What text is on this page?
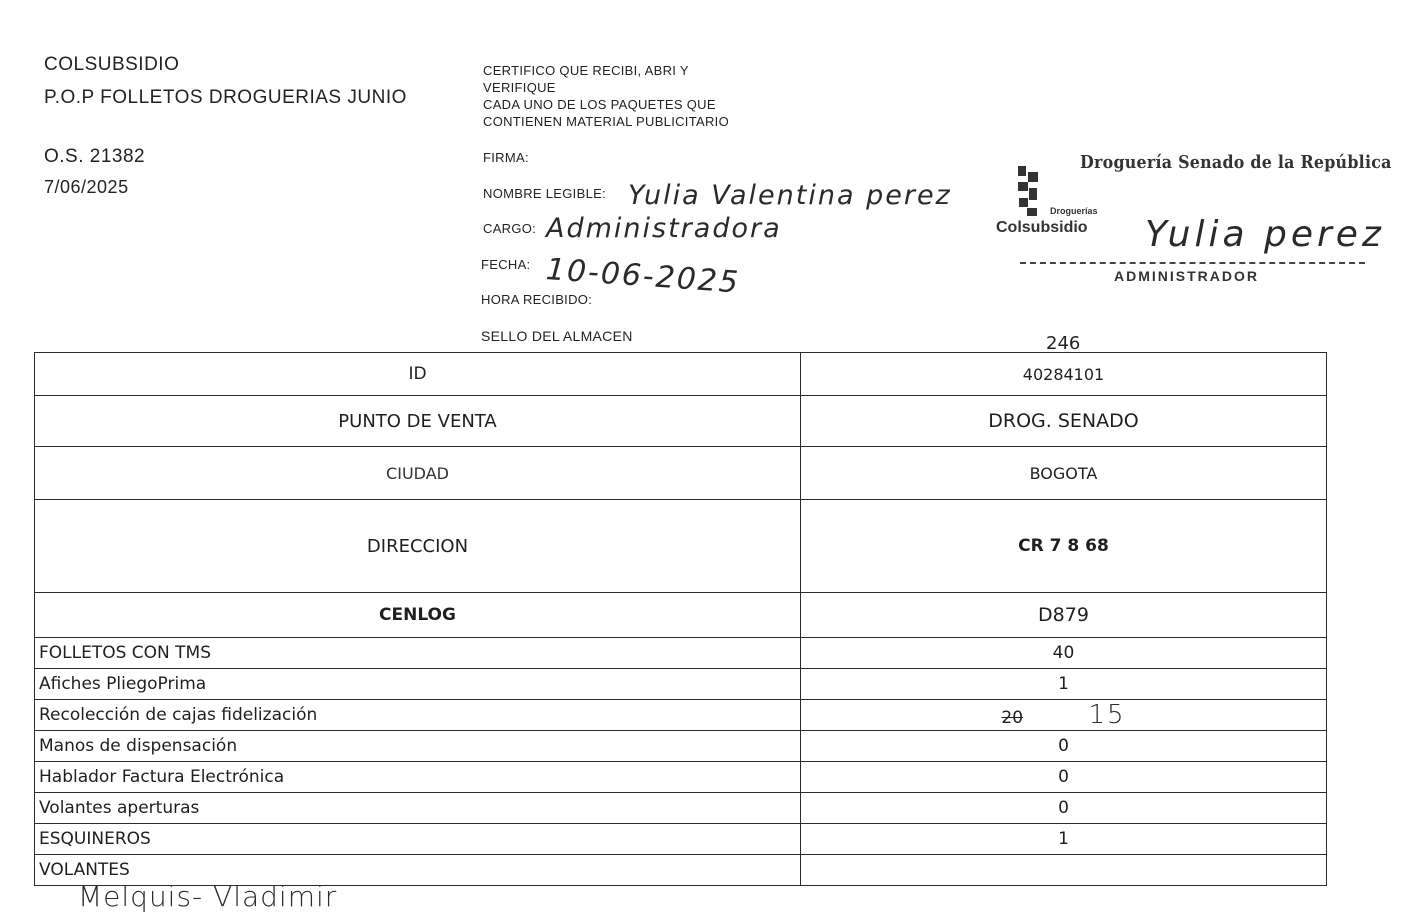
COLSUBSIDIO
P.O.P FOLLETOS DROGUERIAS JUNIO
O.S. 21382
7/06/2025
CERTIFICO QUE RECIBI, ABRI Y
VERIFIQUE
CADA UNO DE LOS PAQUETES QUE
CONTIENEN MATERIAL PUBLICITARIO
FIRMA:
NOMBRE LEGIBLE: Yulia Valentina perez
CARGO: Administradora
FECHA: 10-06-2025
HORA RECIBIDO:
SELLO DEL ALMACEN
Droguería Senado de la República
Droguerías
Colsubsidio Yulia perez
ADMINISTRADOR
246
ID	40284101
PUNTO DE VENTA	DROG. SENADO
CIUDAD	BOGOTA
DIRECCION	CR 7 8 68
CENLOG	D879
FOLLETOS CON TMS	40
Afiches PliegoPrima	1
Recolección de cajas fidelización	20 15
Manos de dispensación	0
Hablador Factura Electrónica	0
Volantes aperturas	0
ESQUINEROS	1
VOLANTES	
Melquis- Vladimir
